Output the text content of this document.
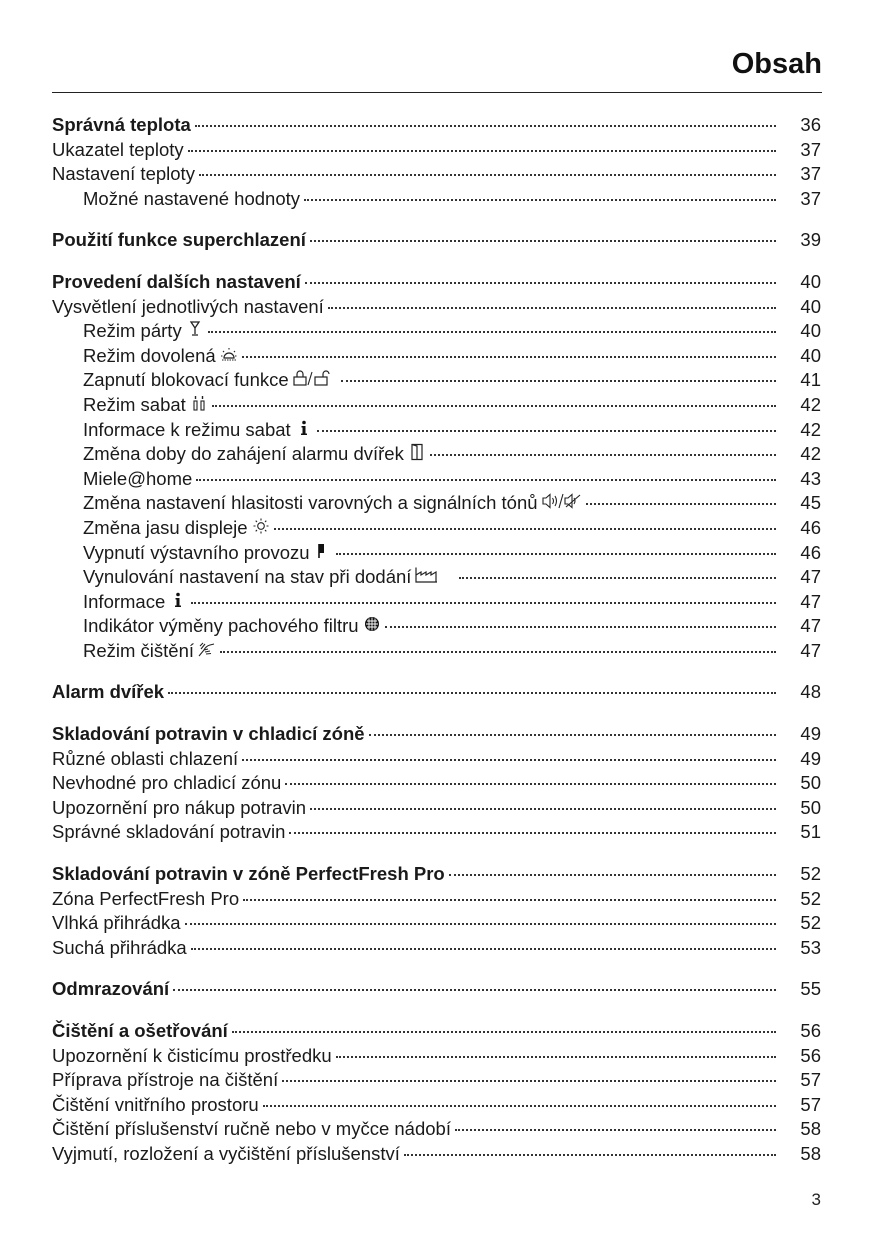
Obsah
Správná teplota	36
Ukazatel teploty	37
Nastavení teploty	37
Možné nastavené hodnoty	37
Použití funkce superchlazení	39
Provedení dalších nastavení	40
Vysvětlení jednotlivých nastavení	40
Režim párty	40
Režim dovolená	40
Zapnutí blokovací funkce	41
Režim sabat	42
Informace k režimu sabat	42
Změna doby do zahájení alarmu dvířek	42
Miele@home	43
Změna nastavení hlasitosti varovných a signálních tónů	45
Změna jasu displeje	46
Vypnutí výstavního provozu	46
Vynulování nastavení na stav při dodání	47
Informace	47
Indikátor výměny pachového filtru	47
Režim čištění	47
Alarm dvířek	48
Skladování potravin v chladicí zóně	49
Různé oblasti chlazení	49
Nevhodné pro chladicí zónu	50
Upozornění pro nákup potravin	50
Správné skladování potravin	51
Skladování potravin v zóně PerfectFresh Pro	52
Zóna PerfectFresh Pro	52
Vlhká přihrádka	52
Suchá přihrádka	53
Odmrazování	55
Čištění a ošetřování	56
Upozornění k čisticímu prostředku	56
Příprava přístroje na čištění	57
Čištění vnitřního prostoru	57
Čištění příslušenství ručně nebo v myčce nádobí	58
Vyjmutí, rozložení a vyčištění příslušenství	58
3
